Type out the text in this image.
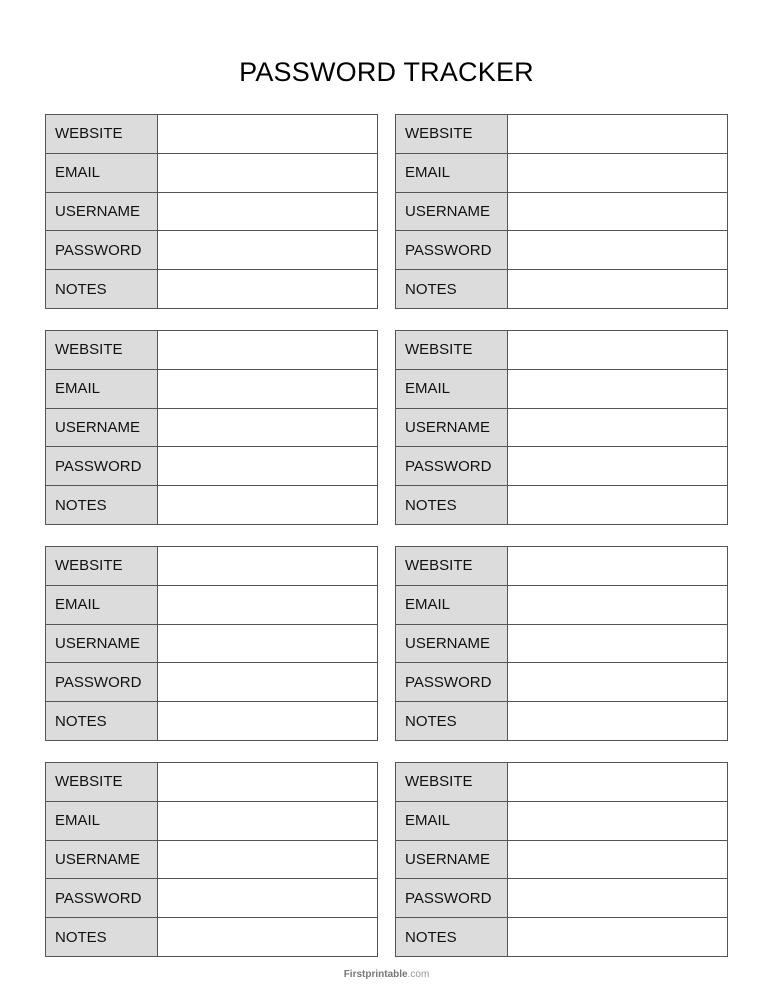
PASSWORD TRACKER
WEBSITE
EMAIL
USERNAME
PASSWORD
NOTES
WEBSITE
EMAIL
USERNAME
PASSWORD
NOTES
WEBSITE
EMAIL
USERNAME
PASSWORD
NOTES
WEBSITE
EMAIL
USERNAME
PASSWORD
NOTES
WEBSITE
EMAIL
USERNAME
PASSWORD
NOTES
WEBSITE
EMAIL
USERNAME
PASSWORD
NOTES
WEBSITE
EMAIL
USERNAME
PASSWORD
NOTES
WEBSITE
EMAIL
USERNAME
PASSWORD
NOTES
Firstprintable.com
